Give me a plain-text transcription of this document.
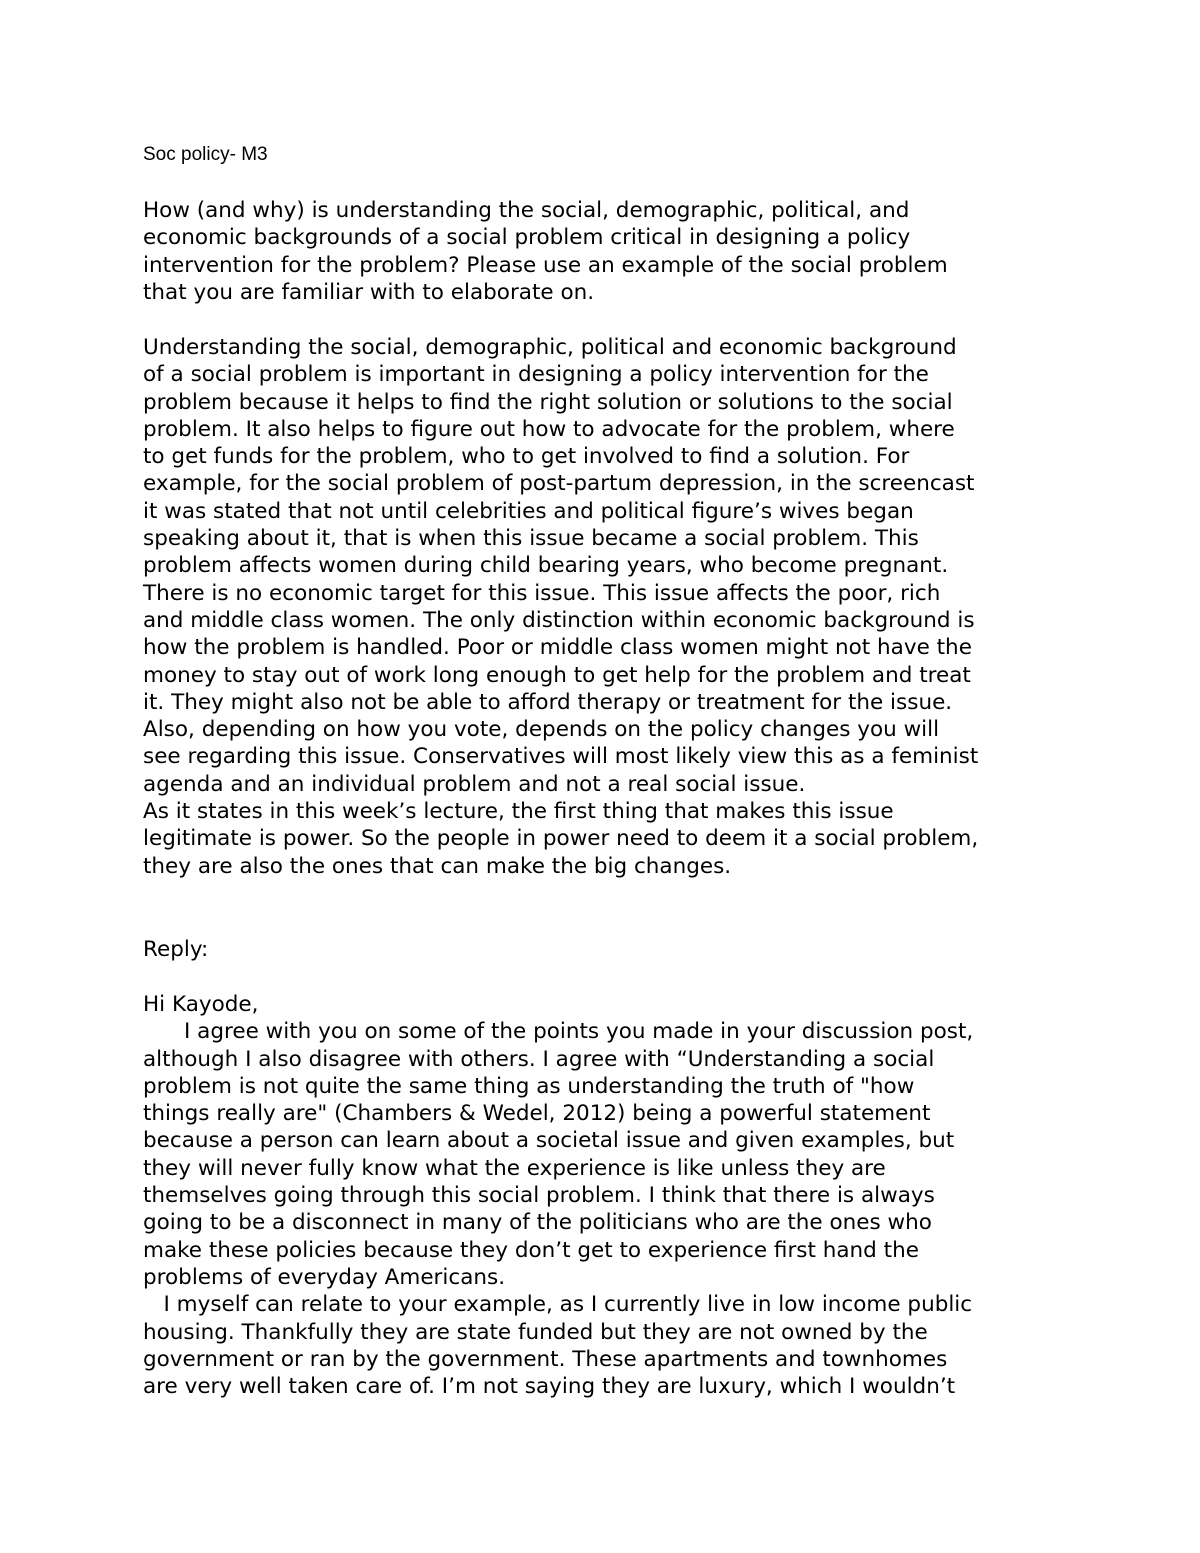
Soc policy- M3
How (and why) is understanding the social, demographic, political, and
economic backgrounds of a social problem critical in designing a policy
intervention for the problem? Please use an example of the social problem
that you are familiar with to elaborate on.
Understanding the social, demographic, political and economic background
of a social problem is important in designing a policy intervention for the
problem because it helps to find the right solution or solutions to the social
problem. It also helps to figure out how to advocate for the problem, where
to get funds for the problem, who to get involved to find a solution. For
example, for the social problem of post-partum depression, in the screencast
it was stated that not until celebrities and political figure’s wives began
speaking about it, that is when this issue became a social problem. This
problem affects women during child bearing years, who become pregnant.
There is no economic target for this issue. This issue affects the poor, rich
and middle class women. The only distinction within economic background is
how the problem is handled. Poor or middle class women might not have the
money to stay out of work long enough to get help for the problem and treat
it. They might also not be able to afford therapy or treatment for the issue.
Also, depending on how you vote, depends on the policy changes you will
see regarding this issue. Conservatives will most likely view this as a feminist
agenda and an individual problem and not a real social issue.
As it states in this week’s lecture, the first thing that makes this issue
legitimate is power. So the people in power need to deem it a social problem,
they are also the ones that can make the big changes.
Reply:
Hi Kayode,
I agree with you on some of the points you made in your discussion post,
although I also disagree with others. I agree with “Understanding a social
problem is not quite the same thing as understanding the truth of "how
things really are" (Chambers & Wedel, 2012) being a powerful statement
because a person can learn about a societal issue and given examples, but
they will never fully know what the experience is like unless they are
themselves going through this social problem. I think that there is always
going to be a disconnect in many of the politicians who are the ones who
make these policies because they don’t get to experience first hand the
problems of everyday Americans.
I myself can relate to your example, as I currently live in low income public
housing. Thankfully they are state funded but they are not owned by the
government or ran by the government. These apartments and townhomes
are very well taken care of. I’m not saying they are luxury, which I wouldn’t
